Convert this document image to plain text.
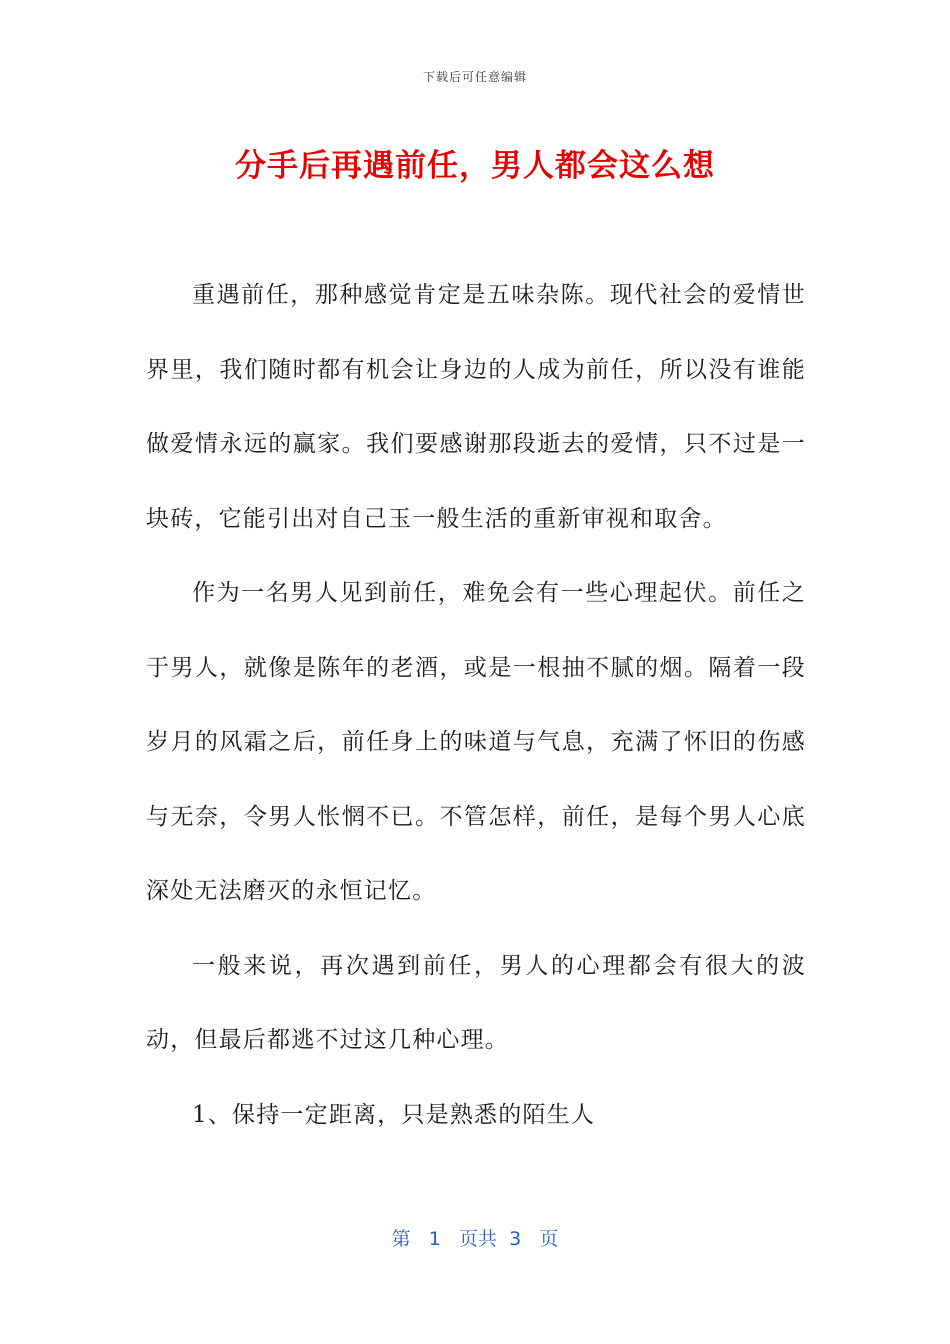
下载后可任意编辑
分手后再遇前任，男人都会这么想

重遇前任，那种感觉肯定是五味杂陈。现代社会的爱情世界里，我们随时都有机会让身边的人成为前任，所以没有谁能做爱情永远的赢家。我们要感谢那段逝去的爱情，只不过是一块砖，它能引出对自己玉一般生活的重新审视和取舍。

作为一名男人见到前任，难免会有一些心理起伏。前任之于男人，就像是陈年的老酒，或是一根抽不腻的烟。隔着一段岁月的风霜之后，前任身上的味道与气息，充满了怀旧的伤感与无奈，令男人怅惘不已。不管怎样，前任，是每个男人心底深处无法磨灭的永恒记忆。

一般来说，再次遇到前任，男人的心理都会有很大的波动，但最后都逃不过这几种心理。

1、保持一定距离，只是熟悉的陌生人

第 1 页共 3 页
